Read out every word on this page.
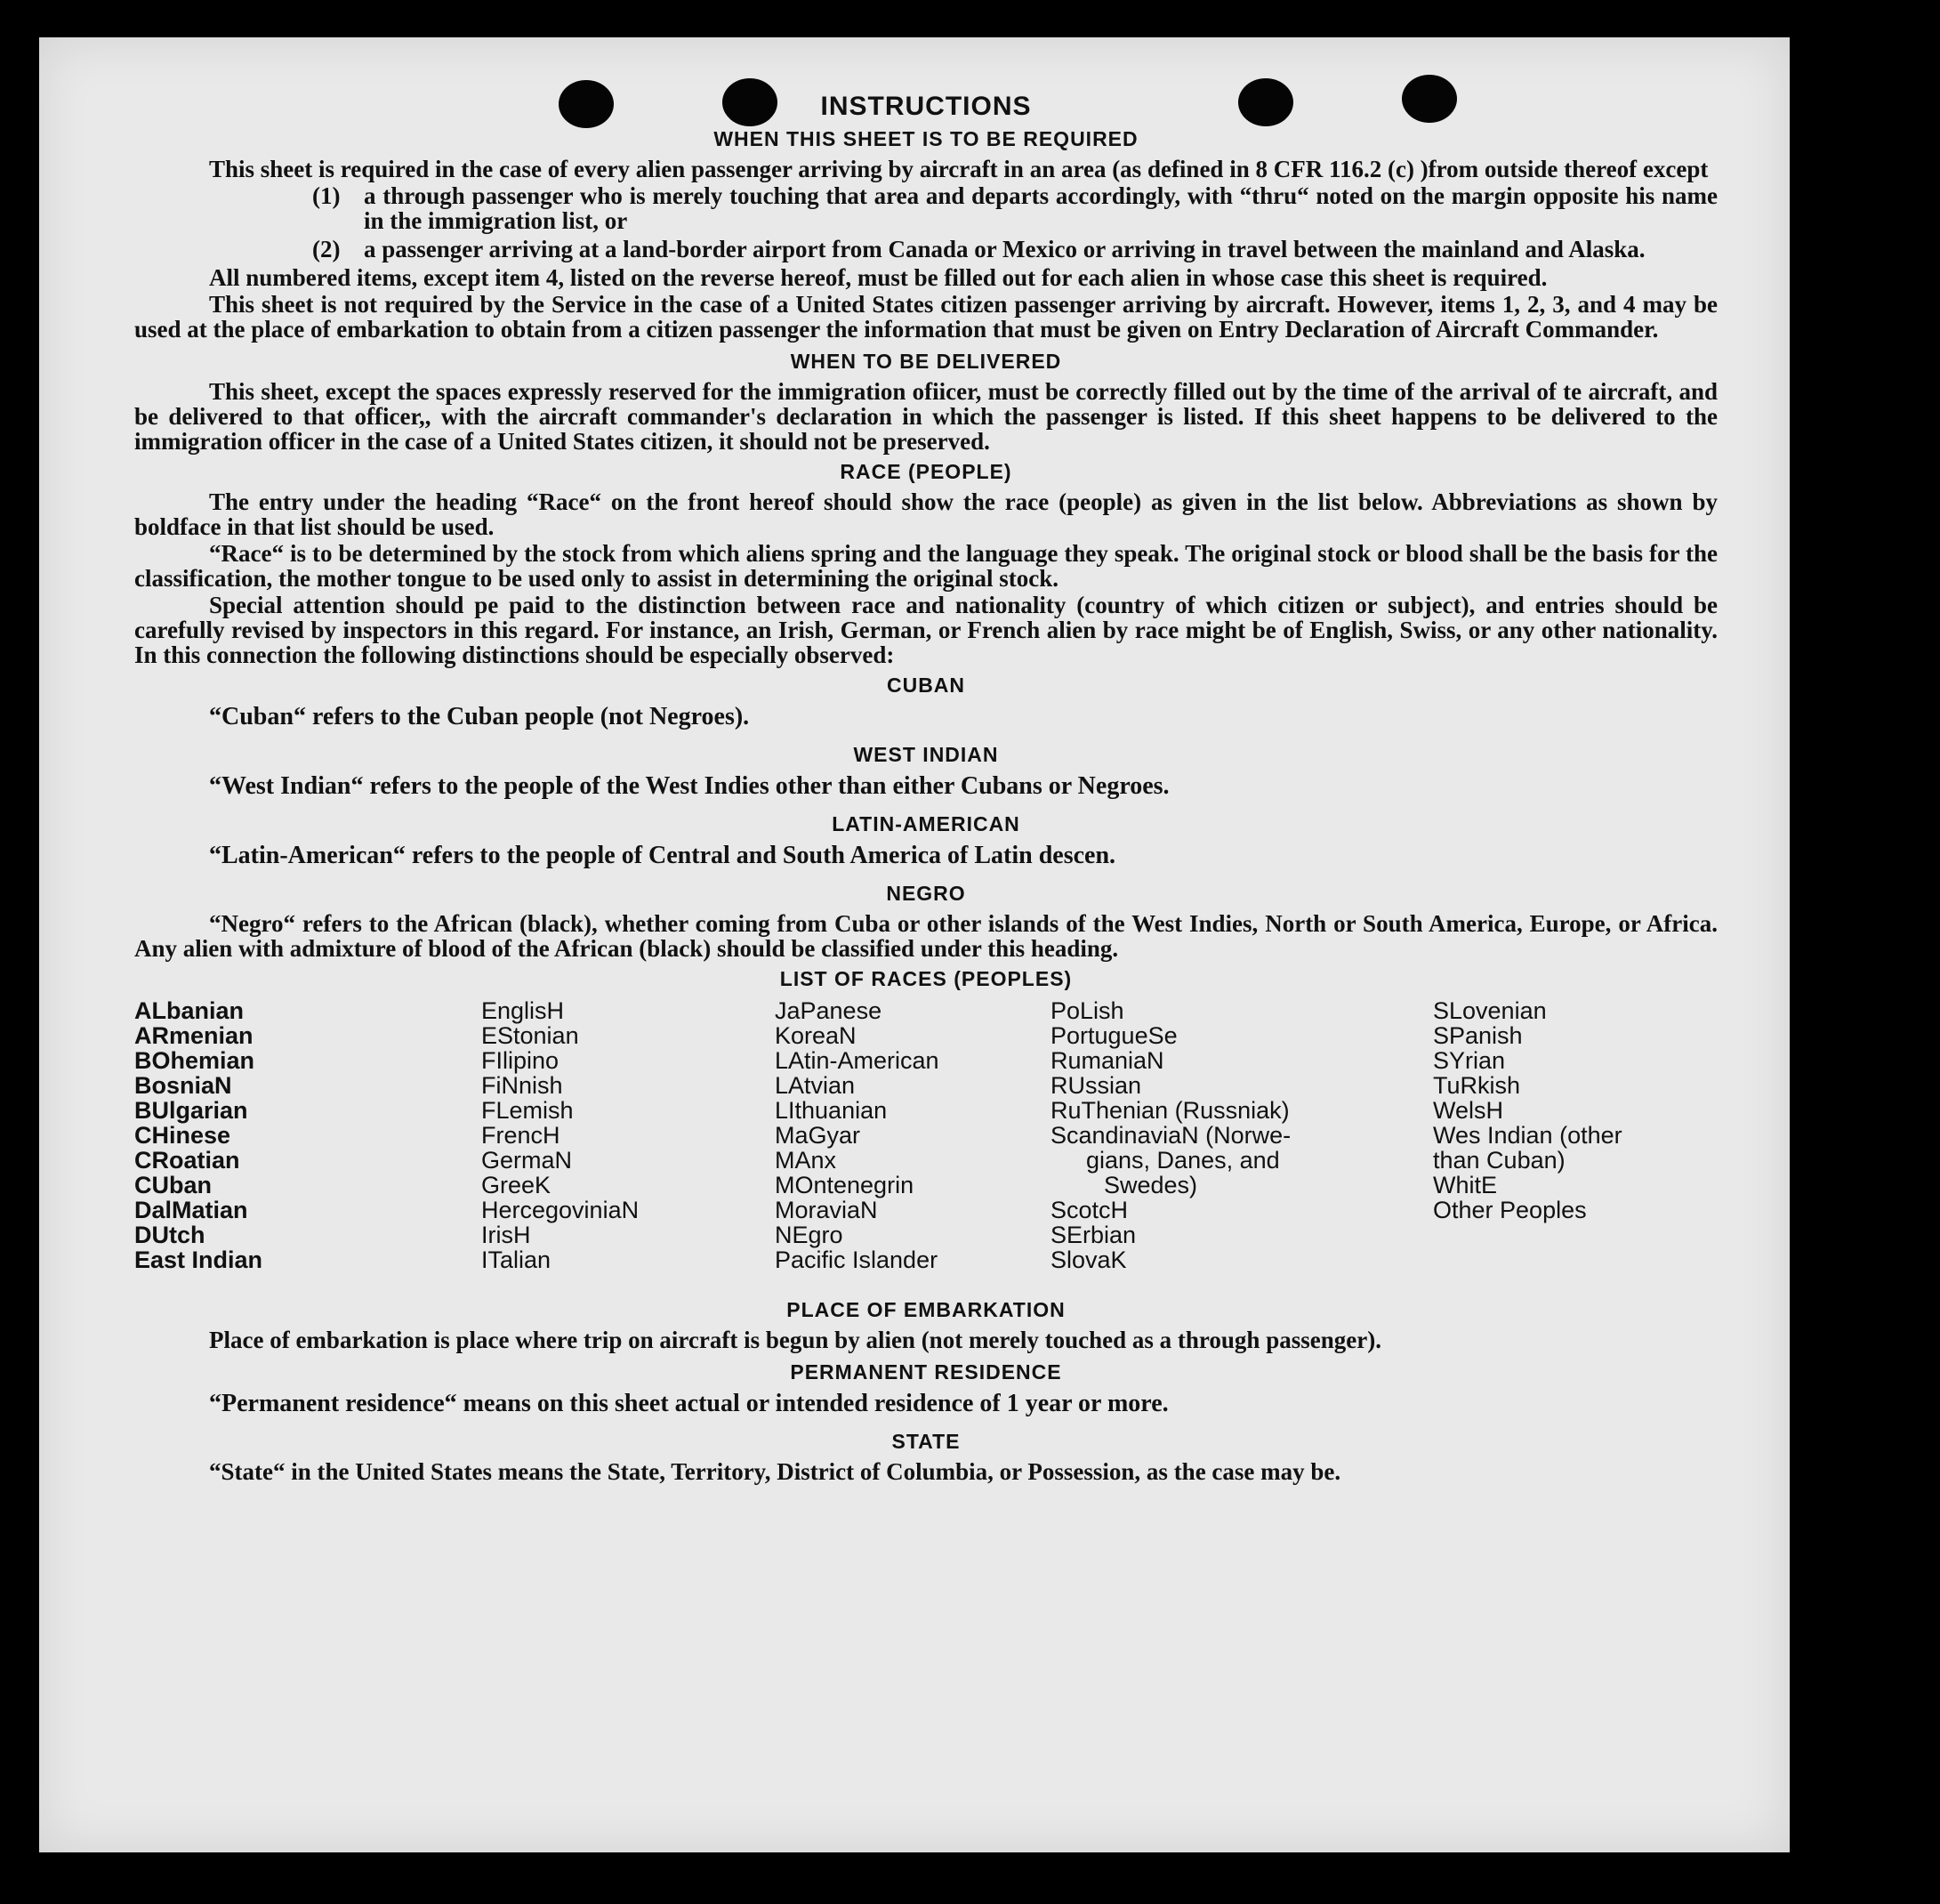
INSTRUCTIONS
WHEN THIS SHEET IS TO BE REQUIRED

This sheet is required in the case of every alien passenger arriving by aircraft in an area (as defined in 8 CFR 116.2 (c) )from outside thereof except

(1) a through passenger who is merely touching that area and departs accordingly, with “thru“ noted on the margin opposite his name in the immigration list, or
(2) a passenger arriving at a land-border airport from Canada or Mexico or arriving in travel between the mainland and Alaska.

All numbered items, except item 4, listed on the reverse hereof, must be filled out for each alien in whose case this sheet is required.

This sheet is not required by the Service in the case of a United States citizen passenger arriving by aircraft. However, items 1, 2, 3, and 4 may be used at the place of embarkation to obtain from a citizen passenger the information that must be given on Entry Declaration of Aircraft Commander.

WHEN TO BE DELIVERED

This sheet, except the spaces expressly reserved for the immigration ofiicer, must be correctly filled out by the time of the arrival of te aircraft, and be delivered to that officer,, with the aircraft commander's declaration in which the passenger is listed. If this sheet happens to be delivered to the immigration officer in the case of a United States citizen, it should not be preserved.

RACE (PEOPLE)

The entry under the heading “Race“ on the front hereof should show the race (people) as given in the list below. Abbreviations as shown by boldface in that list should be used.

“Race“ is to be determined by the stock from which aliens spring and the language they speak. The original stock or blood shall be the basis for the classification, the mother tongue to be used only to assist in determining the original stock.

Special attention should pe paid to the distinction between race and nationality (country of which citizen or subject), and entries should be carefully revised by inspectors in this regard. For instance, an Irish, German, or French alien by race might be of English, Swiss, or any other nationality. In this connection the following distinctions should be especially observed:

CUBAN
“Cuban“ refers to the Cuban people (not Negroes).
WEST INDIAN
“West Indian“ refers to the people of the West Indies other than either Cubans or Negroes.
LATIN-AMERICAN
“Latin-American“ refers to the people of Central and South America of Latin descen.
NEGRO

“Negro“ refers to the African (black), whether coming from Cuba or other islands of the West Indies, North or South America, Europe, or Africa. Any alien with admixture of blood of the African (black) should be classified under this heading.

LIST OF RACES (PEOPLES)
ALbanian
ARmenian
BOhemian
BosniaN
BUlgarian
CHinese
CRoatian
CUban
DalMatian
DUtch
East Indian
EnglisH
EStonian
FIlipino
FiNnish
FLemish
FrencH
GermaN
GreeK
HercegoviniaN
IrisH
ITalian
JaPanese
KoreaN
LAtin-American
LAtvian
LIthuanian
MaGyar
MAnx
MOntenegrin
MoraviaN
NEgro
Pacific Islander
PoLish
PortugueSe
RumaniaN
RUssian
RuThenian (Russniak)
ScandinaviaN (Norwe-
gians, Danes, and
Swedes)
ScotcH
SErbian
SlovaK
SLovenian
SPanish
SYrian
TuRkish
WelsH
Wes Indian (other
than Cuban)
WhitE
Other Peoples
PLACE OF EMBARKATION

Place of embarkation is place where trip on aircraft is begun by alien (not merely touched as a through passenger).

PERMANENT RESIDENCE
“Permanent residence“ means on this sheet actual or intended residence of 1 year or more.
STATE

“State“ in the United States means the State, Territory, District of Columbia, or Possession, as the case may be.
